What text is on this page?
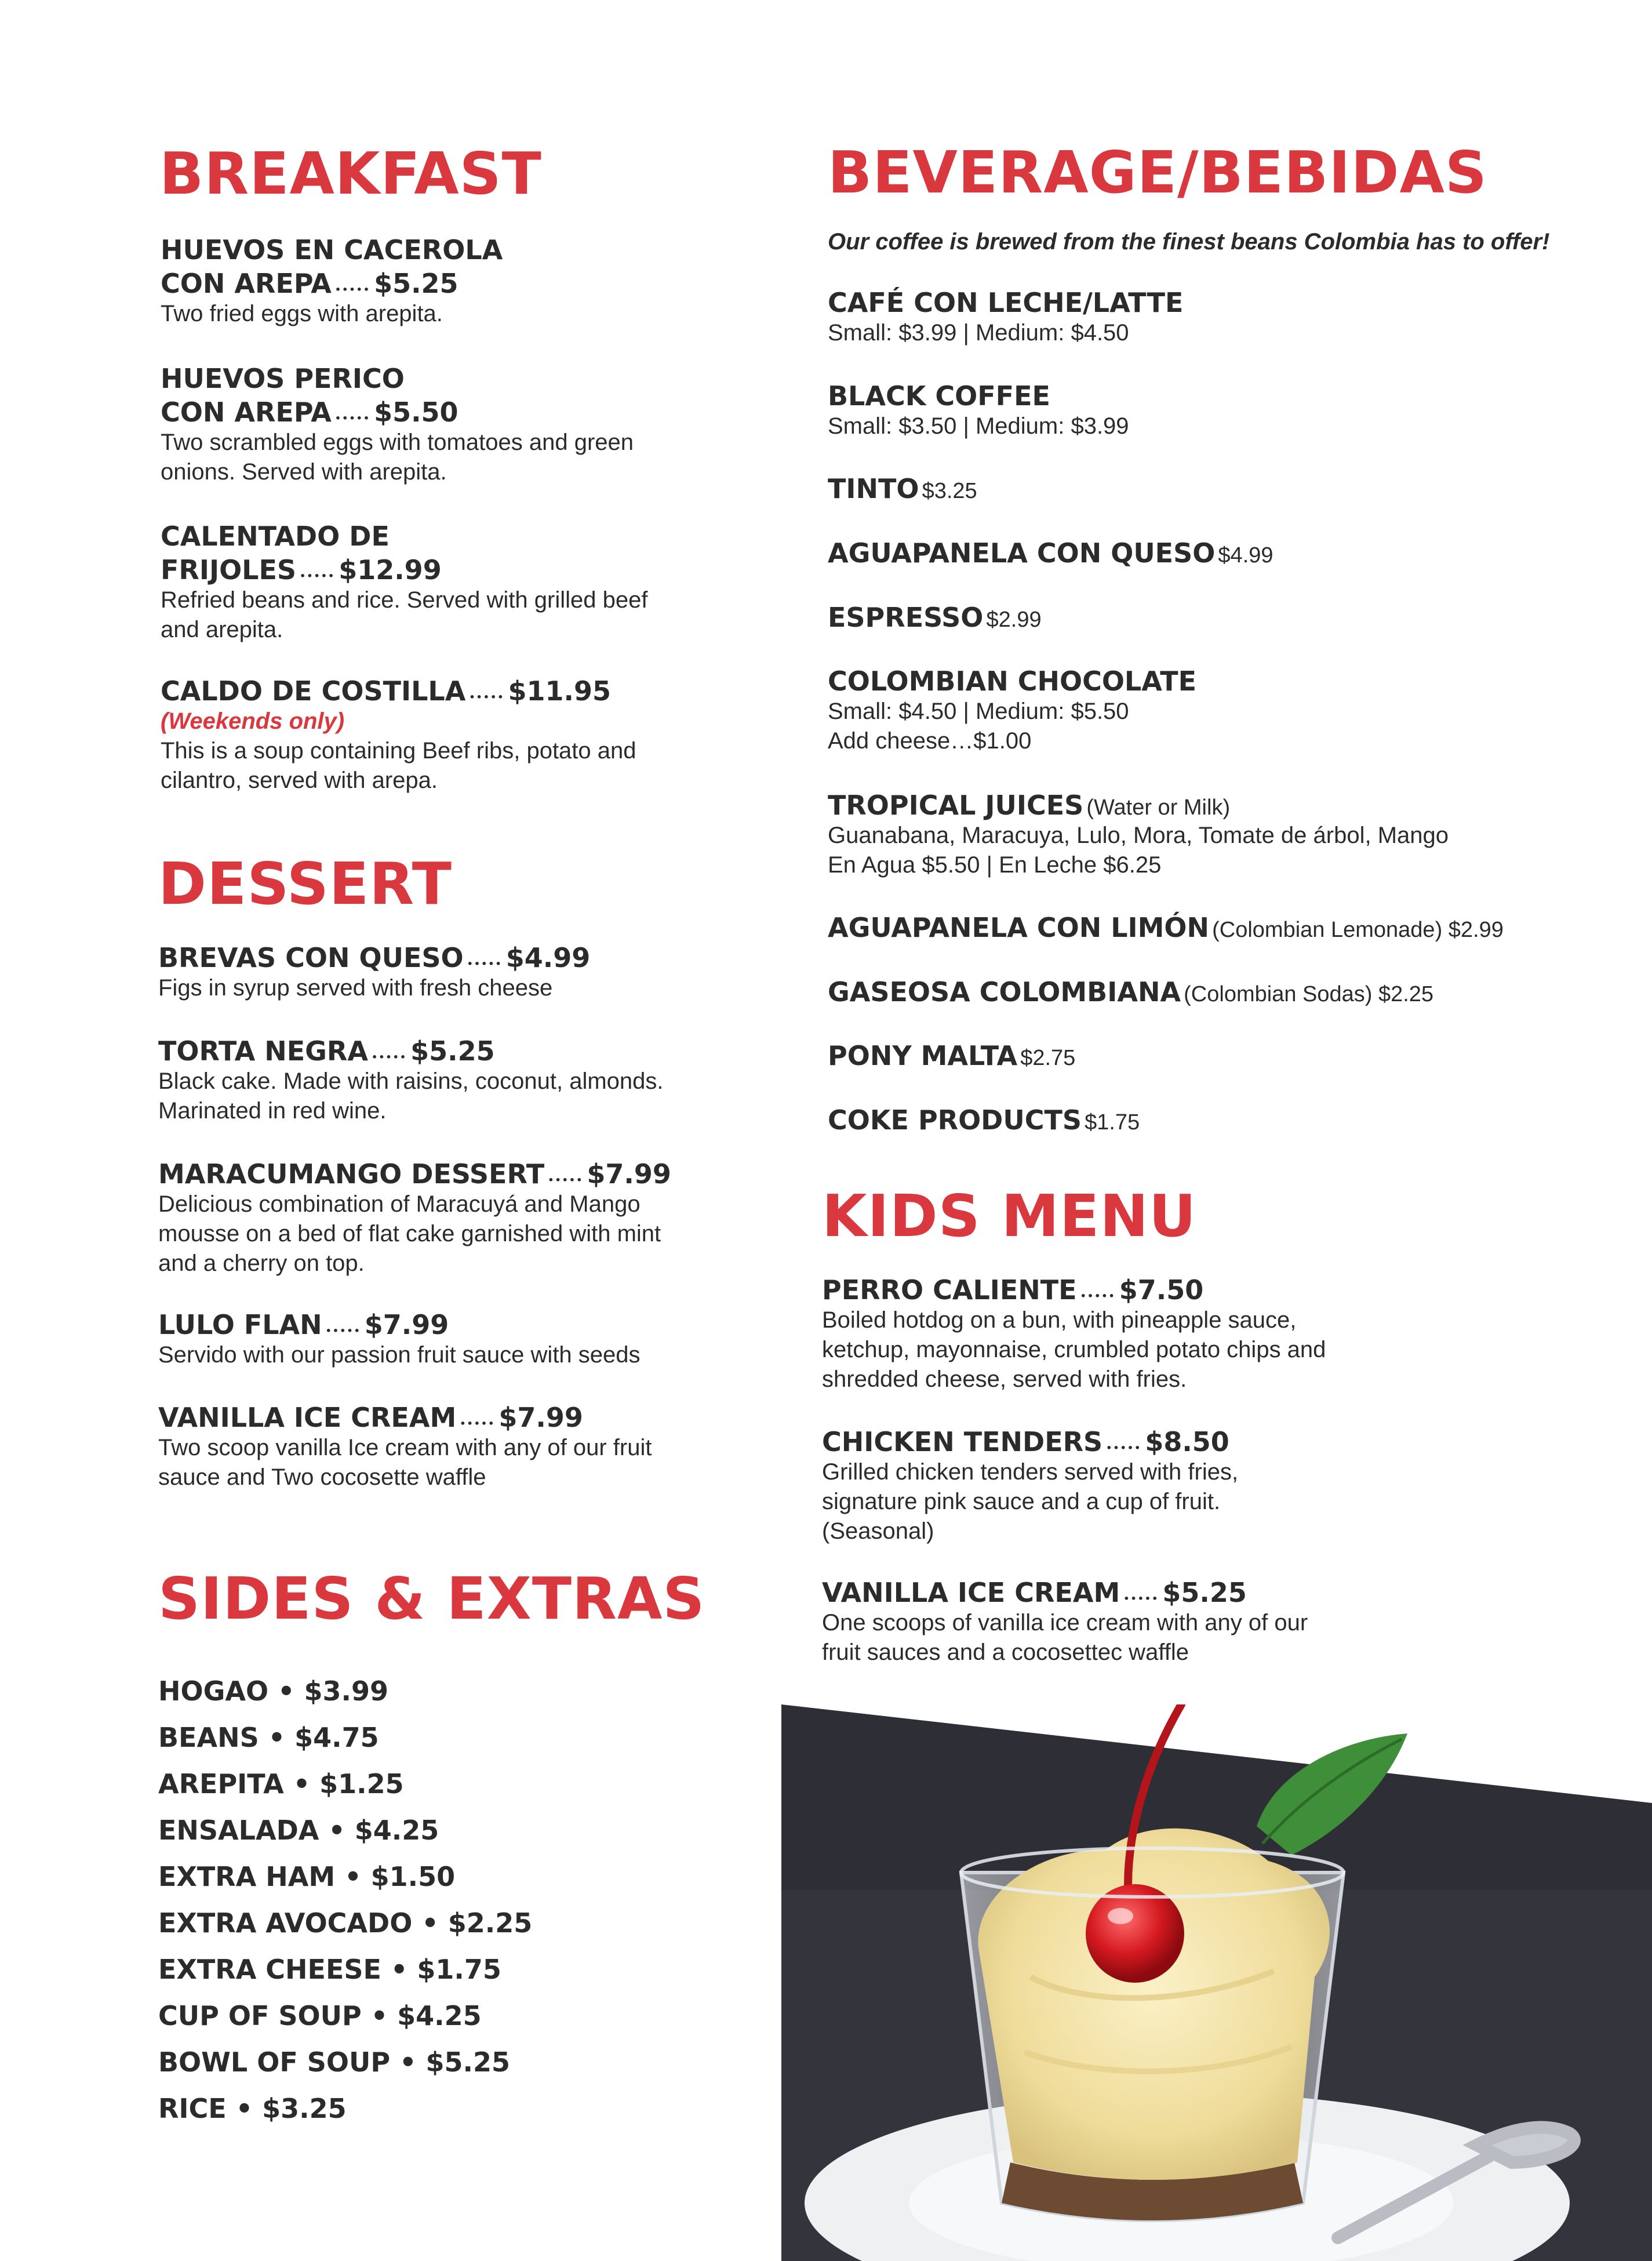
BREAKFAST
HUEVOS EN CACEROLA
CON AREPA ••••• $5.25
Two fried eggs with arepita.
HUEVOS PERICO
CON AREPA ••••• $5.50
Two scrambled eggs with tomatoes and green
onions. Served with arepita.
CALENTADO DE
FRIJOLES ••••• $12.99
Refried beans and rice. Served with grilled beef
and arepita.
CALDO DE COSTILLA ••••• $11.95
(Weekends only)
This is a soup containing Beef ribs, potato and
cilantro, served with arepa.
DESSERT
BREVAS CON QUESO ••••• $4.99
Figs in syrup served with fresh cheese
TORTA NEGRA ••••• $5.25
Black cake. Made with raisins, coconut, almonds.
Marinated in red wine.
MARACUMANGO DESSERT ••••• $7.99
Delicious combination of Maracuyá and Mango
mousse on a bed of flat cake garnished with mint
and a cherry on top.
LULO FLAN ••••• $7.99
Servido with our passion fruit sauce with seeds
VANILLA ICE CREAM ••••• $7.99
Two scoop vanilla Ice cream with any of our fruit
sauce and Two cocosette waffle
SIDES & EXTRAS
HOGAO • $3.99
BEANS • $4.75
AREPITA • $1.25
ENSALADA • $4.25
EXTRA HAM • $1.50
EXTRA AVOCADO • $2.25
EXTRA CHEESE • $1.75
CUP OF SOUP • $4.25
BOWL OF SOUP • $5.25
RICE • $3.25
BEVERAGE/BEBIDAS
Our coffee is brewed from the finest beans Colombia has to offer!
CAFÉ CON LECHE/LATTE
Small: $3.99 | Medium: $4.50
BLACK COFFEE
Small: $3.50 | Medium: $3.99
TINTO $3.25
AGUAPANELA CON QUESO $4.99
ESPRESSO $2.99
COLOMBIAN CHOCOLATE
Small: $4.50 | Medium: $5.50
Add cheese…$1.00
TROPICAL JUICES (Water or Milk)
Guanabana, Maracuya, Lulo, Mora, Tomate de árbol, Mango
En Agua $5.50 | En Leche $6.25
AGUAPANELA CON LIMÓN (Colombian Lemonade) $2.99
GASEOSA COLOMBIANA (Colombian Sodas) $2.25
PONY MALTA $2.75
COKE PRODUCTS $1.75
KIDS MENU
PERRO CALIENTE ••••• $7.50
Boiled hotdog on a bun, with pineapple sauce,
ketchup, mayonnaise, crumbled potato chips and
shredded cheese, served with fries.
CHICKEN TENDERS ••••• $8.50
Grilled chicken tenders served with fries,
signature pink sauce and a cup of fruit.
(Seasonal)
VANILLA ICE CREAM ••••• $5.25
One scoops of vanilla ice cream with any of our
fruit sauces and a cocosettec waffle
